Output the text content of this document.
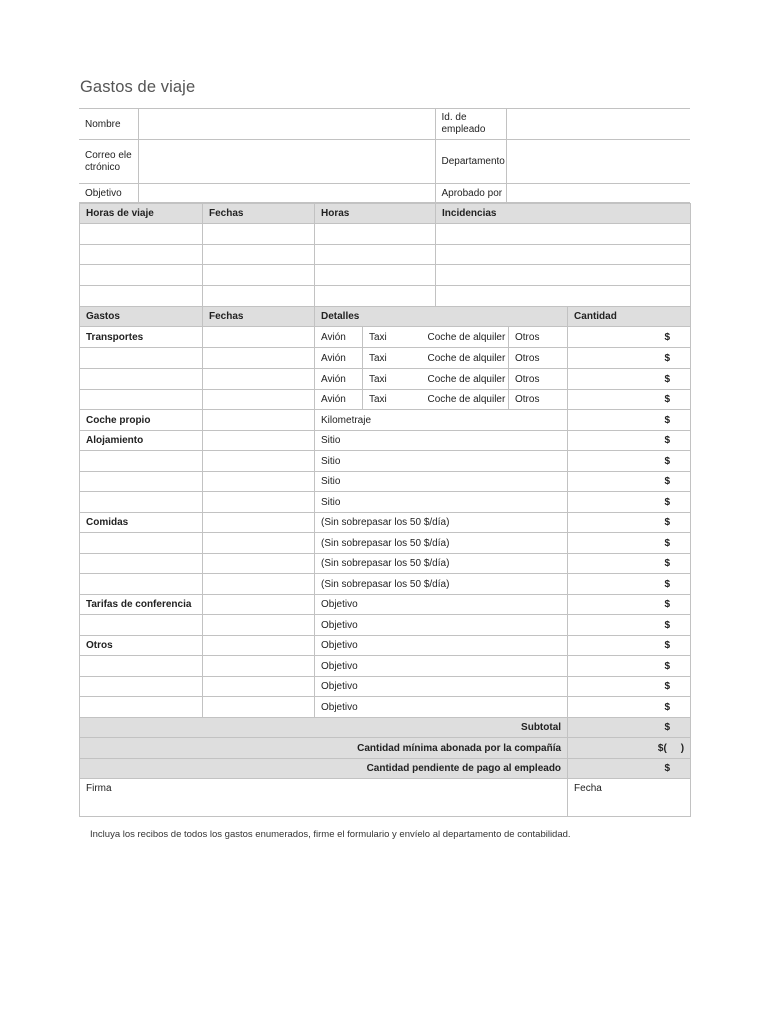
Gastos de viaje
Nombre		Id. de empleado	
Correo electrónico		Departamento	
Objetivo		Aprobado por	
Horas de viaje	Fechas	Horas	Incidencias

Gastos	Fechas	Detalles				Cantidad
Transportes		Avión	Taxi	Coche de alquiler	Otros	$
		Avión	Taxi	Coche de alquiler	Otros	$
		Avión	Taxi	Coche de alquiler	Otros	$
		Avión	Taxi	Coche de alquiler	Otros	$
Coche propio		Kilometraje				$
Alojamiento		Sitio				$
		Sitio				$
		Sitio				$
		Sitio				$
Comidas		(Sin sobrepasar los 50 $/día)				$
		(Sin sobrepasar los 50 $/día)				$
		(Sin sobrepasar los 50 $/día)				$
		(Sin sobrepasar los 50 $/día)				$
Tarifas de conferencia		Objetivo				$
		Objetivo				$
Otros		Objetivo				$
		Objetivo				$
		Objetivo				$
		Objetivo				$
Subtotal						$
Cantidad mínima abonada por la compañía						$(     )
Cantidad pendiente de pago al empleado						$
Firma						Fecha
Incluya los recibos de todos los gastos enumerados, firme el formulario y envíelo al departamento de contabilidad.
